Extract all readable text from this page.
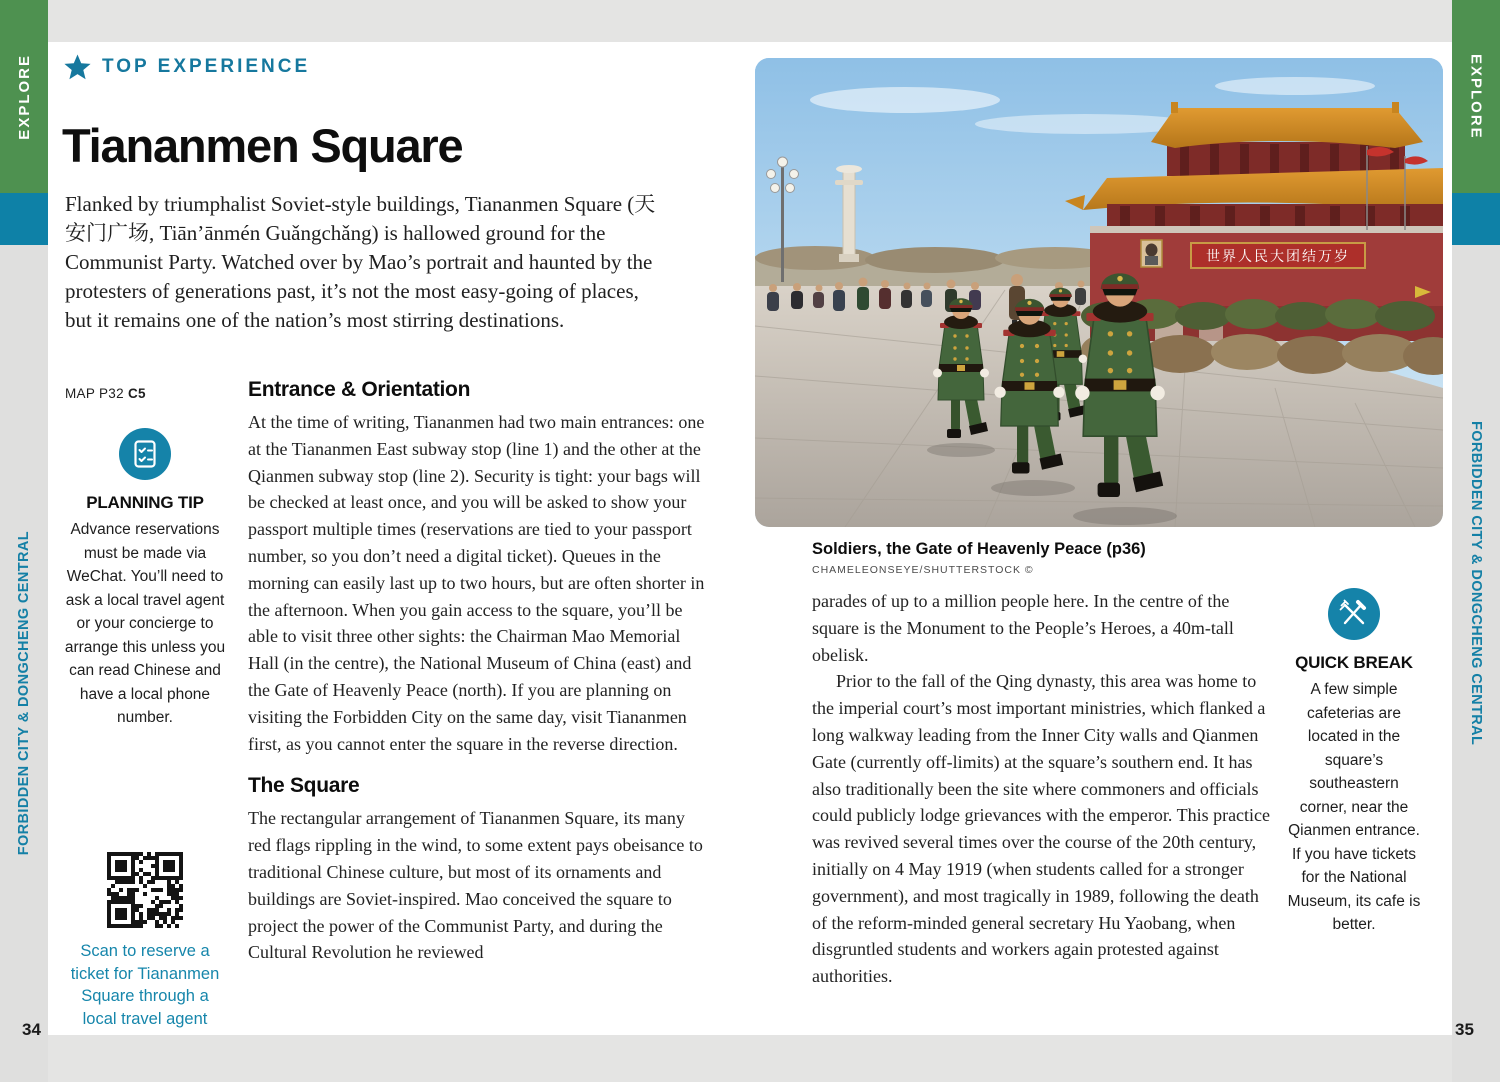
EXPLORE
FORBIDDEN CITY & DONGCHENG CENTRAL
EXPLORE
FORBIDDEN CITY & DONGCHENG CENTRAL
TOP EXPERIENCE
Tiananmen Square
Flanked by triumphalist Soviet-style buildings, Tiananmen Square (天安门广场, Tiān’ānmén Guǎngchǎng) is hallowed ground for the Communist Party. Watched over by Mao’s portrait and haunted by the protesters of generations past, it’s not the most easy-going of places, but it remains one of the nation’s most stirring destinations.
MAP P32 C5
PLANNING TIP
Advance reservations must be made via WeChat. You’ll need to ask a local travel agent or your concierge to arrange this unless you can read Chinese and have a local phone number.
Scan to reserve a ticket for Tiananmen Square through a local travel agent
Entrance & Orientation

At the time of writing, Tiananmen had two main entrances: one at the Tiananmen East subway stop (line 1) and the other at the Qianmen subway stop (line 2). Security is tight: your bags will be checked at least once, and you will be asked to show your passport multiple times (reservations are tied to your passport number, so you don’t need a digital ticket). Queues in the morning can easily last up to two hours, but are often shorter in the afternoon. When you gain access to the square, you’ll be able to visit three other sights: the Chairman Mao Memorial Hall (in the centre), the National Museum of China (east) and the Gate of Heavenly Peace (north). If you are planning on visiting the Forbidden City on the same day, visit Tiananmen first, as you cannot enter the square in the reverse direction.

The Square

The rectangular arrangement of Tiananmen Square, its many red flags rippling in the wind, to some extent pays obeisance to traditional Chinese culture, but most of its ornaments and buildings are Soviet-inspired. Mao conceived the square to project the power of the Communist Party, and during the Cultural Revolution he reviewed

世界人民大团结万岁
Soldiers, the Gate of Heavenly Peace (p36)
CHAMELEONSEYE/SHUTTERSTOCK ©

parades of up to a million people here. In the centre of the square is the Monument to the People’s Heroes, a 40m-tall obelisk.

Prior to the fall of the Qing dynasty, this area was home to the imperial court’s most important ministries, which flanked a long walkway leading from the Inner City walls and Qianmen Gate (currently off-limits) at the square’s southern end. It has also traditionally been the site where commoners and officials could publicly lodge grievances with the emperor. This practice was revived several times over the course of the 20th century, initially on 4 May 1919 (when students called for a stronger government), and most tragically in 1989, following the death of the reform-minded general secretary Hu Yaobang, when disgruntled students and workers again protested against authorities.

QUICK BREAK
A few simple cafeterias are located in the square’s southeastern corner, near the Qianmen entrance. If you have tickets for the National Museum, its cafe is better.
34	35
